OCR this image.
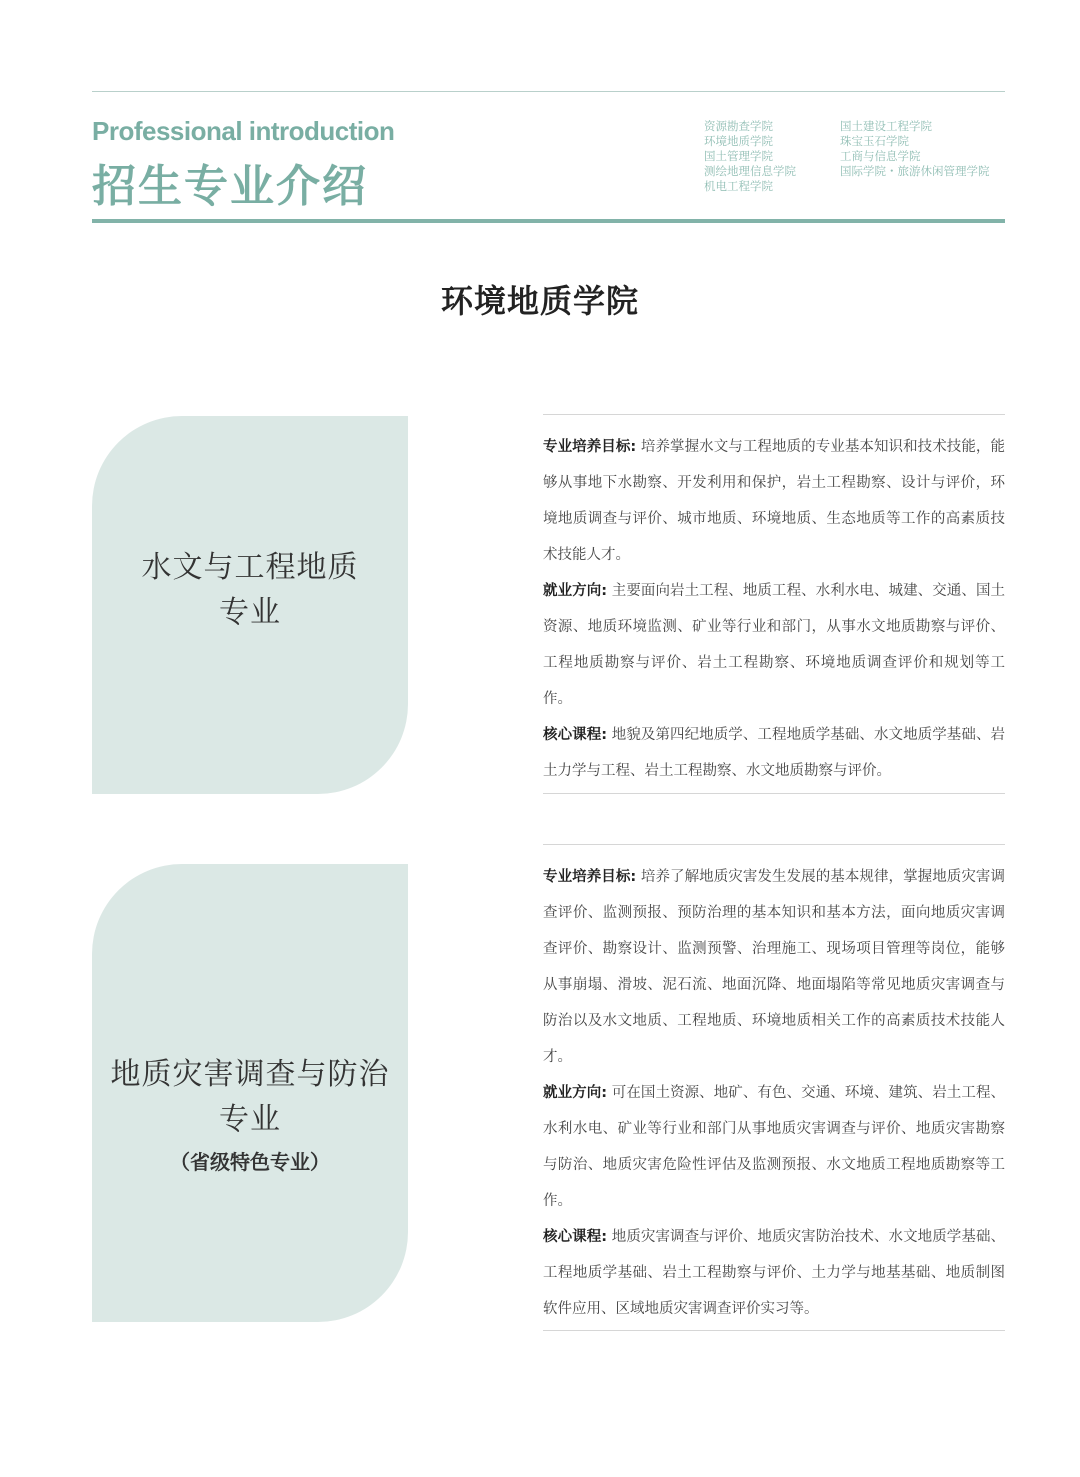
Professional introduction
招生专业介绍
资源勘查学院
环境地质学院
国土管理学院
测绘地理信息学院
机电工程学院
国土建设工程学院
珠宝玉石学院
工商与信息学院
国际学院・旅游休闲管理学院
环境地质学院
水文与工程地质
专业

专业培养目标: 培养掌握水文与工程地质的专业基本知识和技术技能，能够从事地下水勘察、开发利用和保护，岩土工程勘察、设计与评价，环境地质调查与评价、城市地质、环境地质、生态地质等工作的高素质技术技能人才。

就业方向: 主要面向岩土工程、地质工程、水利水电、城建、交通、国土资源、地质环境监测、矿业等行业和部门，从事水文地质勘察与评价、工程地质勘察与评价、岩土工程勘察、环境地质调查评价和规划等工作。

核心课程: 地貌及第四纪地质学、工程地质学基础、水文地质学基础、岩土力学与工程、岩土工程勘察、水文地质勘察与评价。

地质灾害调查与防治
专业
（省级特色专业）

专业培养目标: 培养了解地质灾害发生发展的基本规律，掌握地质灾害调查评价、监测预报、预防治理的基本知识和基本方法，面向地质灾害调查评价、勘察设计、监测预警、治理施工、现场项目管理等岗位，能够从事崩塌、滑坡、泥石流、地面沉降、地面塌陷等常见地质灾害调查与防治以及水文地质、工程地质、环境地质相关工作的高素质技术技能人才。

就业方向: 可在国土资源、地矿、有色、交通、环境、建筑、岩土工程、水利水电、矿业等行业和部门从事地质灾害调查与评价、地质灾害勘察与防治、地质灾害危险性评估及监测预报、水文地质工程地质勘察等工作。

核心课程: 地质灾害调查与评价、地质灾害防治技术、水文地质学基础、工程地质学基础、岩土工程勘察与评价、土力学与地基基础、地质制图软件应用、区域地质灾害调查评价实习等。
